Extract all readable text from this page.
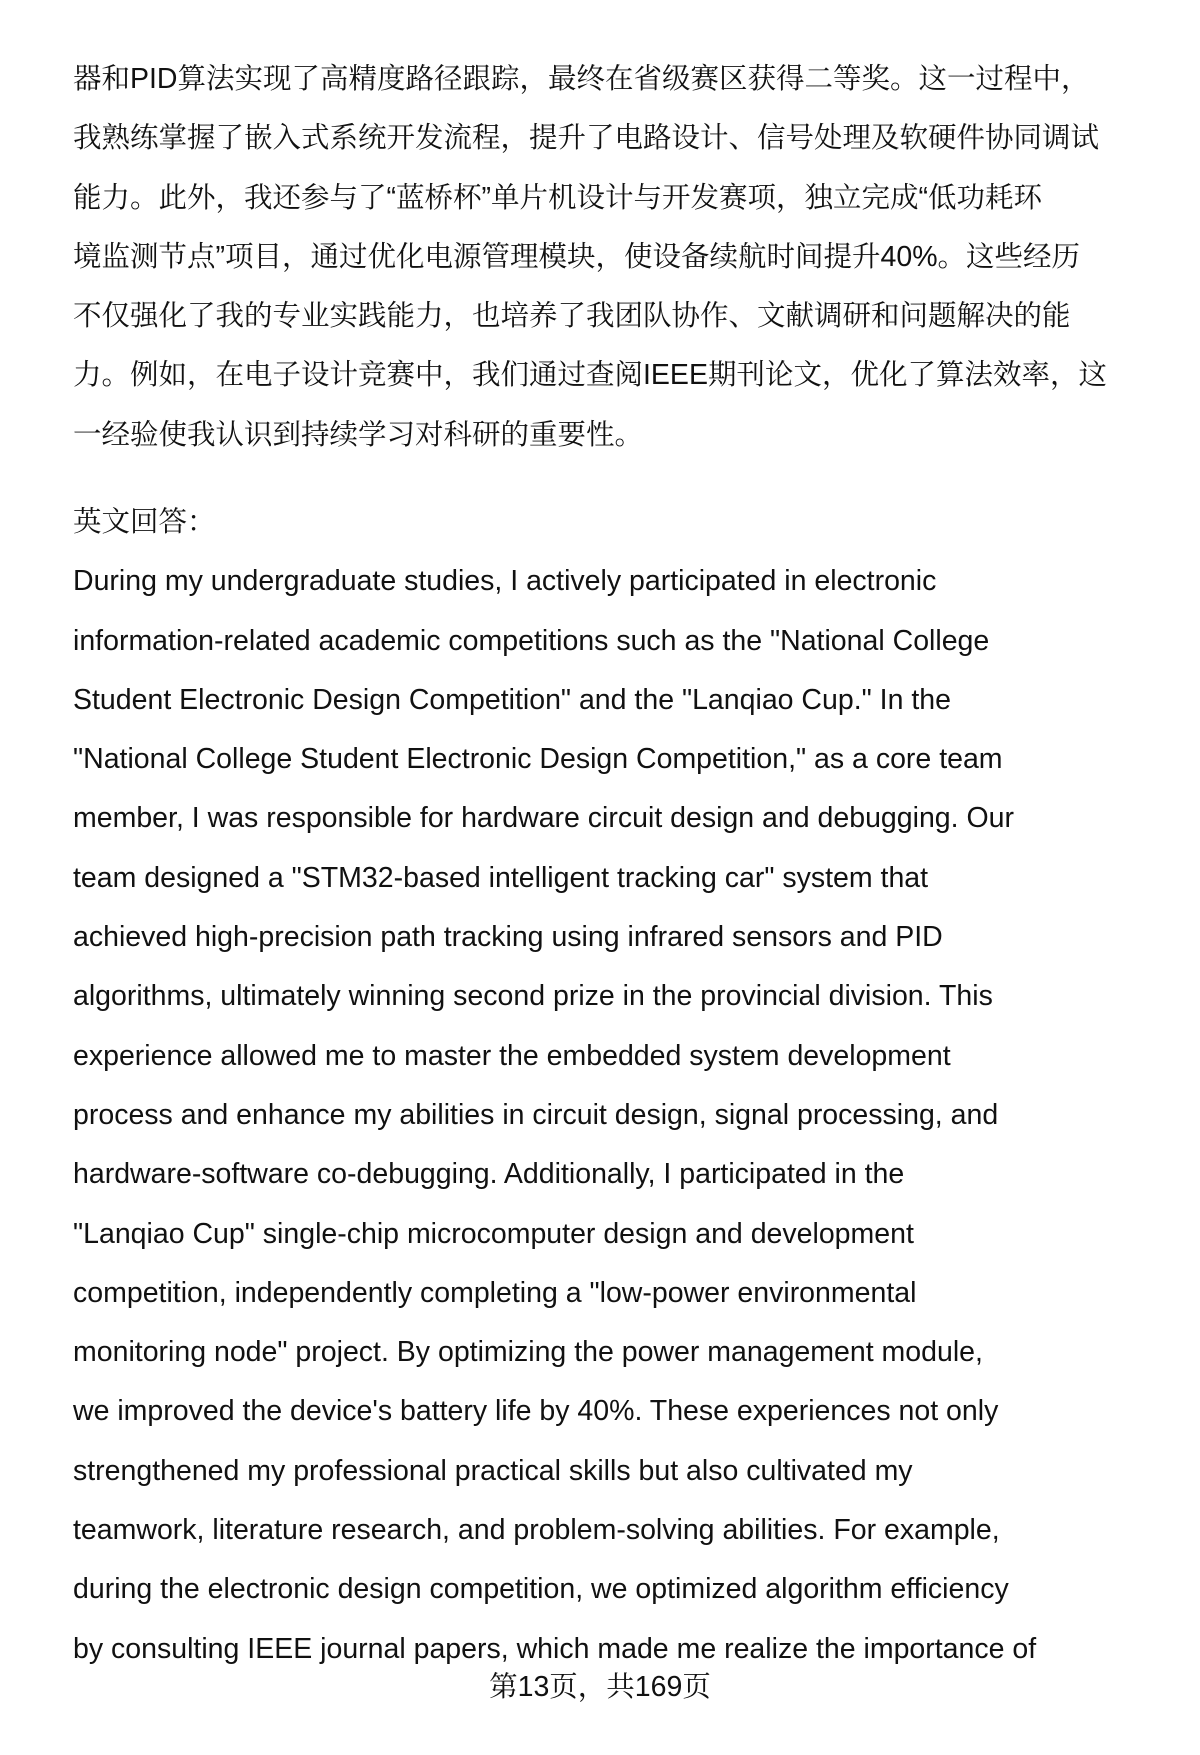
器和PID算法实现了高精度路径跟踪，最终在省级赛区获得二等奖。这一过程中，
我熟练掌握了嵌入式系统开发流程，提升了电路设计、信号处理及软硬件协同调试
能力。此外，我还参与了“蓝桥杯”单片机设计与开发赛项，独立完成“低功耗环
境监测节点”项目，通过优化电源管理模块，使设备续航时间提升40%。这些经历
不仅强化了我的专业实践能力，也培养了我团队协作、文献调研和问题解决的能
力。例如，在电子设计竞赛中，我们通过查阅IEEE期刊论文，优化了算法效率，这
一经验使我认识到持续学习对科研的重要性。
英文回答：
During my undergraduate studies, I actively participated in electronic
information-related academic competitions such as the "National College
Student Electronic Design Competition" and the "Lanqiao Cup." In the
"National College Student Electronic Design Competition," as a core team
member, I was responsible for hardware circuit design and debugging. Our
team designed a "STM32-based intelligent tracking car" system that
achieved high-precision path tracking using infrared sensors and PID
algorithms, ultimately winning second prize in the provincial division. This
experience allowed me to master the embedded system development
process and enhance my abilities in circuit design, signal processing, and
hardware-software co-debugging. Additionally, I participated in the
"Lanqiao Cup" single-chip microcomputer design and development
competition, independently completing a "low-power environmental
monitoring node" project. By optimizing the power management module,
we improved the device's battery life by 40%. These experiences not only
strengthened my professional practical skills but also cultivated my
teamwork, literature research, and problem-solving abilities. For example,
during the electronic design competition, we optimized algorithm efficiency
by consulting IEEE journal papers, which made me realize the importance of
第13页，共169页
